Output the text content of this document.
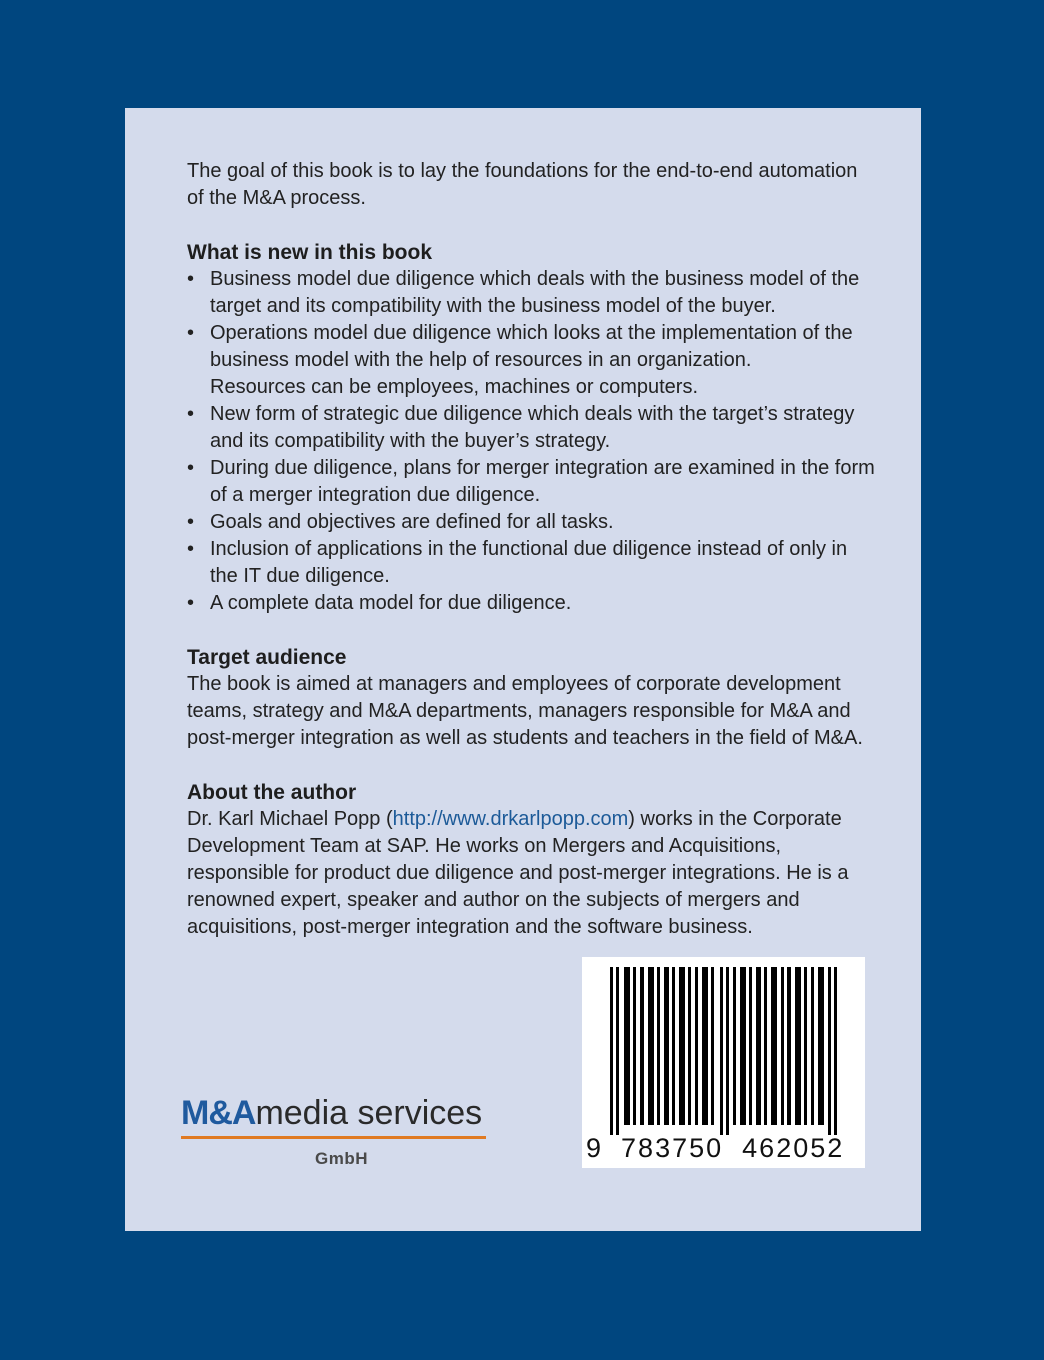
The goal of this book is to lay the foundations for the end-to-end automation of the M&A process.

What is new in this book

• Business model due diligence which deals with the business model of the target and its compatibility with the business model of the buyer.
• Operations model due diligence which looks at the implementation of the business model with the help of resources in an organization.
Resources can be employees, machines or computers.
• New form of strategic due diligence which deals with the target’s strategy and its compatibility with the buyer’s strategy.
• During due diligence, plans for merger integration are examined in the form of a merger integration due diligence.
• Goals and objectives are defined for all tasks.
• Inclusion of applications in the functional due diligence instead of only in the IT due diligence.
• A complete data model for due diligence.

Target audience

The book is aimed at managers and employees of corporate development teams, strategy and M&A departments, managers responsible for M&A and post-merger integration as well as students and teachers in the field of M&A.

About the author

Dr. Karl Michael Popp (http://www.drkarlpopp.com) works in the Corporate Development Team at SAP. He works on Mergers and Acquisitions, responsible for product due diligence and post-merger integrations. He is a renowned expert, speaker and author on the subjects of mergers and acquisitions, post-merger integration and the software business.

M&Amedia services
GmbH	9 783750 462052
